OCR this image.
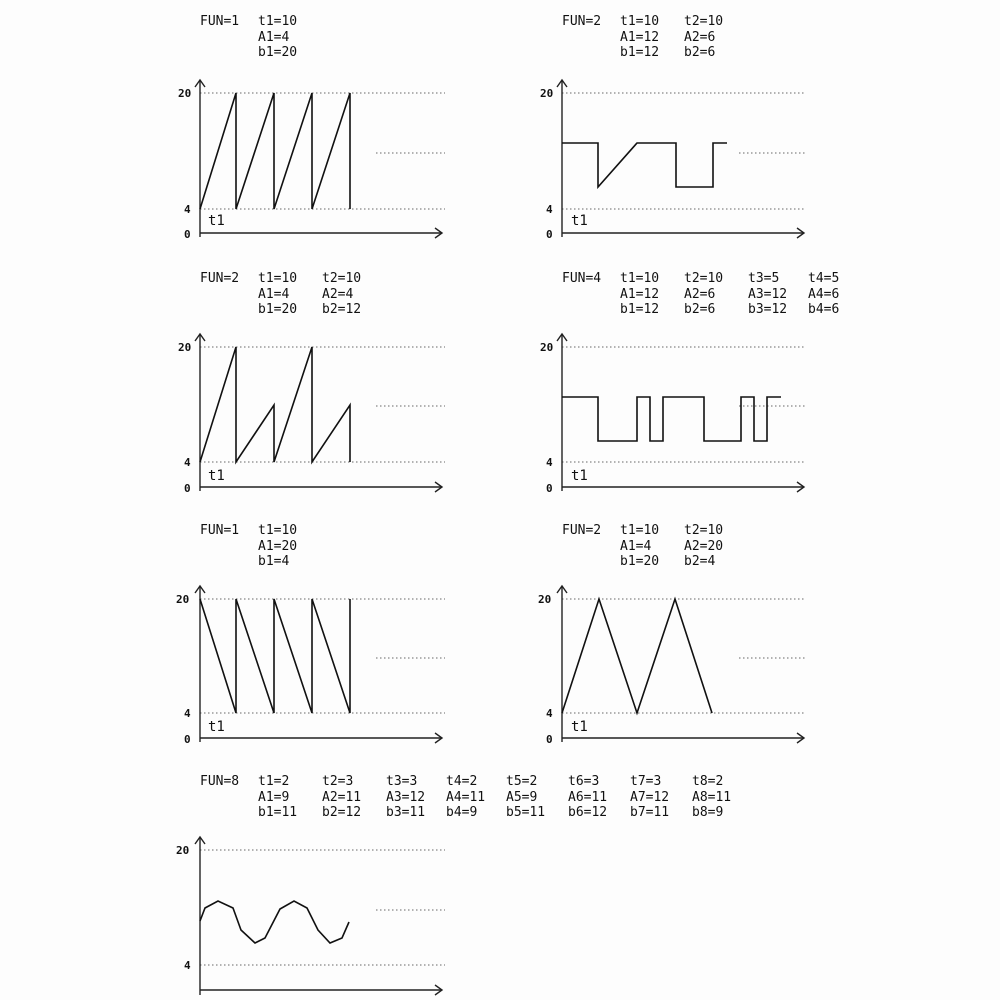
FUN=1 t1=10
A1=4
b1=20
20
4
0
t1
FUN=2 t1=10 t2=10
A1=12 A2=6
b1=12 b2=6
20
4
0
t1
FUN=2 t1=10 t2=10
A1=4	A2=4
b1=20 b2=12
20
4
0
t1
FUN=4 t1=10 t2=10 t3=5 t4=5
A1=12 A2=6	A3=12 A4=6
b1=12 b2=6	b3=12 b4=6
20
4
0
t1
FUN=1 t1=10
A1=20
b1=4
20
4
0
t1
FUN=2 t1=10 t2=10
A1=4	A2=20
b1=20 b2=4
20
4
0
t1
FUN=8 t1=2	t2=3	t3=3 t4=2 t5=2 t6=3 t7=3 t8=2
A1=9	A2=11 A3=12 A4=11 A5=9 A6=11 A7=12 A8=11
b1=11 b2=12 b3=11 b4=9 b5=11 b6=12 b7=11 b8=9
20
4
